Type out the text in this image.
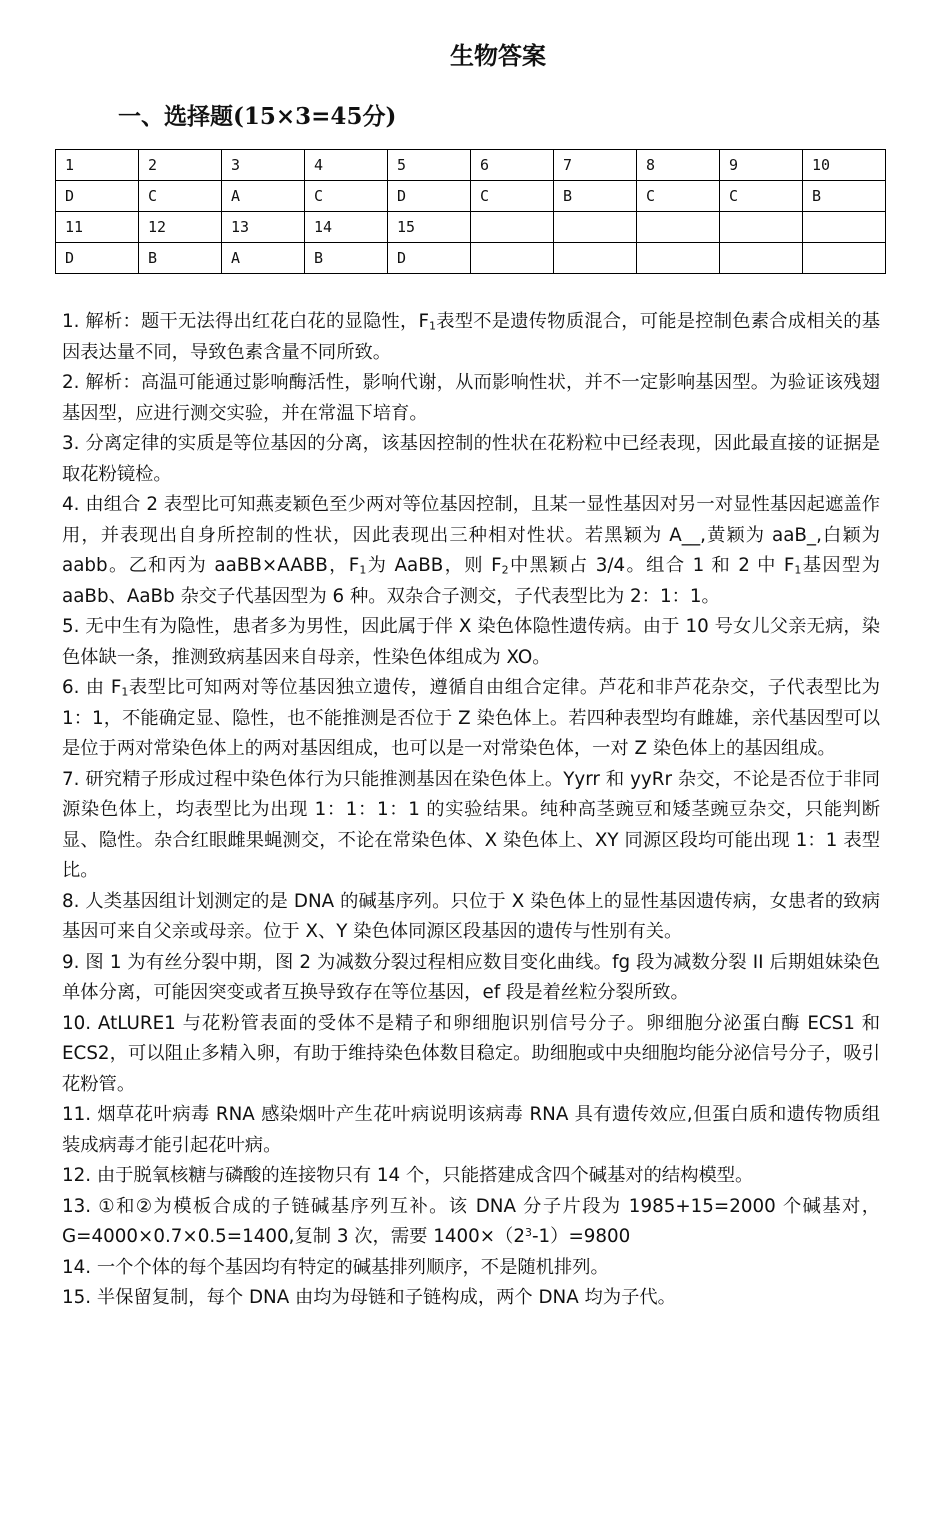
生物答案
一、选择题(15×3=45分)
1	2	3	4	5	6	7	8	9	10
D	C	A	C	D	C	B	C	C	B
11	12	13	14	15					
D	B	A	B	D					

1. 解析：题干无法得出红花白花的显隐性，$F_1$表型不是遗传物质混合，可能是控制色素合成相关的基因表达量不同，导致色素含量不同所致。

2. 解析：高温可能通过影响酶活性，影响代谢，从而影响性状，并不一定影响基因型。为验证该残翅基因型，应进行测交实验，并在常温下培育。

3. 分离定律的实质是等位基因的分离，该基因控制的性状在花粉粒中已经表现，因此最直接的证据是取花粉镜检。

4. 由组合 2 表型比可知燕麦颖色至少两对等位基因控制，且某一显性基因对另一对显性基因起遮盖作用，并表现出自身所控制的性状，因此表现出三种相对性状。若黑颖为 A__,黄颖为 aaB_,白颖为 aabb。乙和丙为 aaBB×AABB，$F_1$为 AaBB，则 $F_2$中黑颖占 3/4。组合 1 和 2 中 $F_1$基因型为 aaBb、AaBb 杂交子代基因型为 6 种。双杂合子测交，子代表型比为 2：1：1。

5. 无中生有为隐性，患者多为男性，因此属于伴 X 染色体隐性遗传病。由于 10 号女儿父亲无病，染色体缺一条，推测致病基因来自母亲，性染色体组成为 XO。

6. 由 $F_1$表型比可知两对等位基因独立遗传，遵循自由组合定律。芦花和非芦花杂交，子代表型比为 1：1，不能确定显、隐性，也不能推测是否位于 Z 染色体上。若四种表型均有雌雄，亲代基因型可以是位于两对常染色体上的两对基因组成，也可以是一对常染色体，一对 Z 染色体上的基因组成。

7. 研究精子形成过程中染色体行为只能推测基因在染色体上。Yyrr 和 yyRr 杂交，不论是否位于非同源染色体上，均表型比为出现 1：1：1：1 的实验结果。纯种高茎豌豆和矮茎豌豆杂交，只能判断显、隐性。杂合红眼雌果蝇测交，不论在常染色体、X 染色体上、XY 同源区段均可能出现 1：1 表型比。

8. 人类基因组计划测定的是 DNA 的碱基序列。只位于 X 染色体上的显性基因遗传病，女患者的致病基因可来自父亲或母亲。位于 X、Y 染色体同源区段基因的遗传与性别有关。

9. 图 1 为有丝分裂中期，图 2 为减数分裂过程相应数目变化曲线。fg 段为减数分裂 II 后期姐妹染色单体分离，可能因突变或者互换导致存在等位基因，ef 段是着丝粒分裂所致。

10. AtLURE1 与花粉管表面的受体不是精子和卵细胞识别信号分子。卵细胞分泌蛋白酶 ECS1 和 ECS2，可以阻止多精入卵，有助于维持染色体数目稳定。助细胞或中央细胞均能分泌信号分子，吸引花粉管。

11. 烟草花叶病毒 RNA 感染烟叶产生花叶病说明该病毒 RNA 具有遗传效应,但蛋白质和遗传物质组装成病毒才能引起花叶病。

12. 由于脱氧核糖与磷酸的连接物只有 14 个，只能搭建成含四个碱基对的结构模型。

13. ①和②为模板合成的子链碱基序列互补。该 DNA 分子片段为 1985+15=2000 个碱基对，G=4000×0.7×0.5=1400,复制 3 次，需要 $1400\times(2^3-1)=9800$

14. 一个个体的每个基因均有特定的碱基排列顺序，不是随机排列。

15. 半保留复制，每个 DNA 由均为母链和子链构成，两个 DNA 均为子代。
